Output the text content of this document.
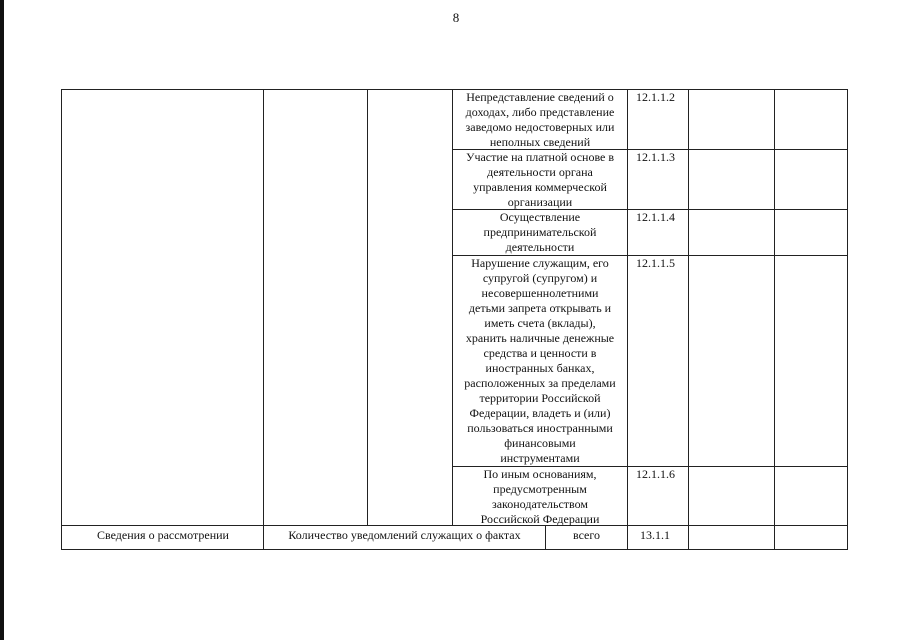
8
Непредставление сведений о
доходах, либо представление
заведомо недостоверных или
неполных сведений
12.1.1.2
Участие на платной основе в
деятельности органа
управления коммерческой
организации
12.1.1.3
Осуществление
предпринимательской
деятельности
12.1.1.4
Нарушение служащим, его
супругой (супругом) и
несовершеннолетними
детьми запрета открывать и
иметь счета (вклады),
хранить наличные денежные
средства и ценности в
иностранных банках,
расположенных за пределами
территории Российской
Федерации, владеть и (или)
пользоваться иностранными
финансовыми
инструментами
12.1.1.5
По иным основаниям,
предусмотренным
законодательством
Российской Федерации
12.1.1.6
Сведения о рассмотрении	Количество уведомлений служащих о фактах	всего	13.1.1
